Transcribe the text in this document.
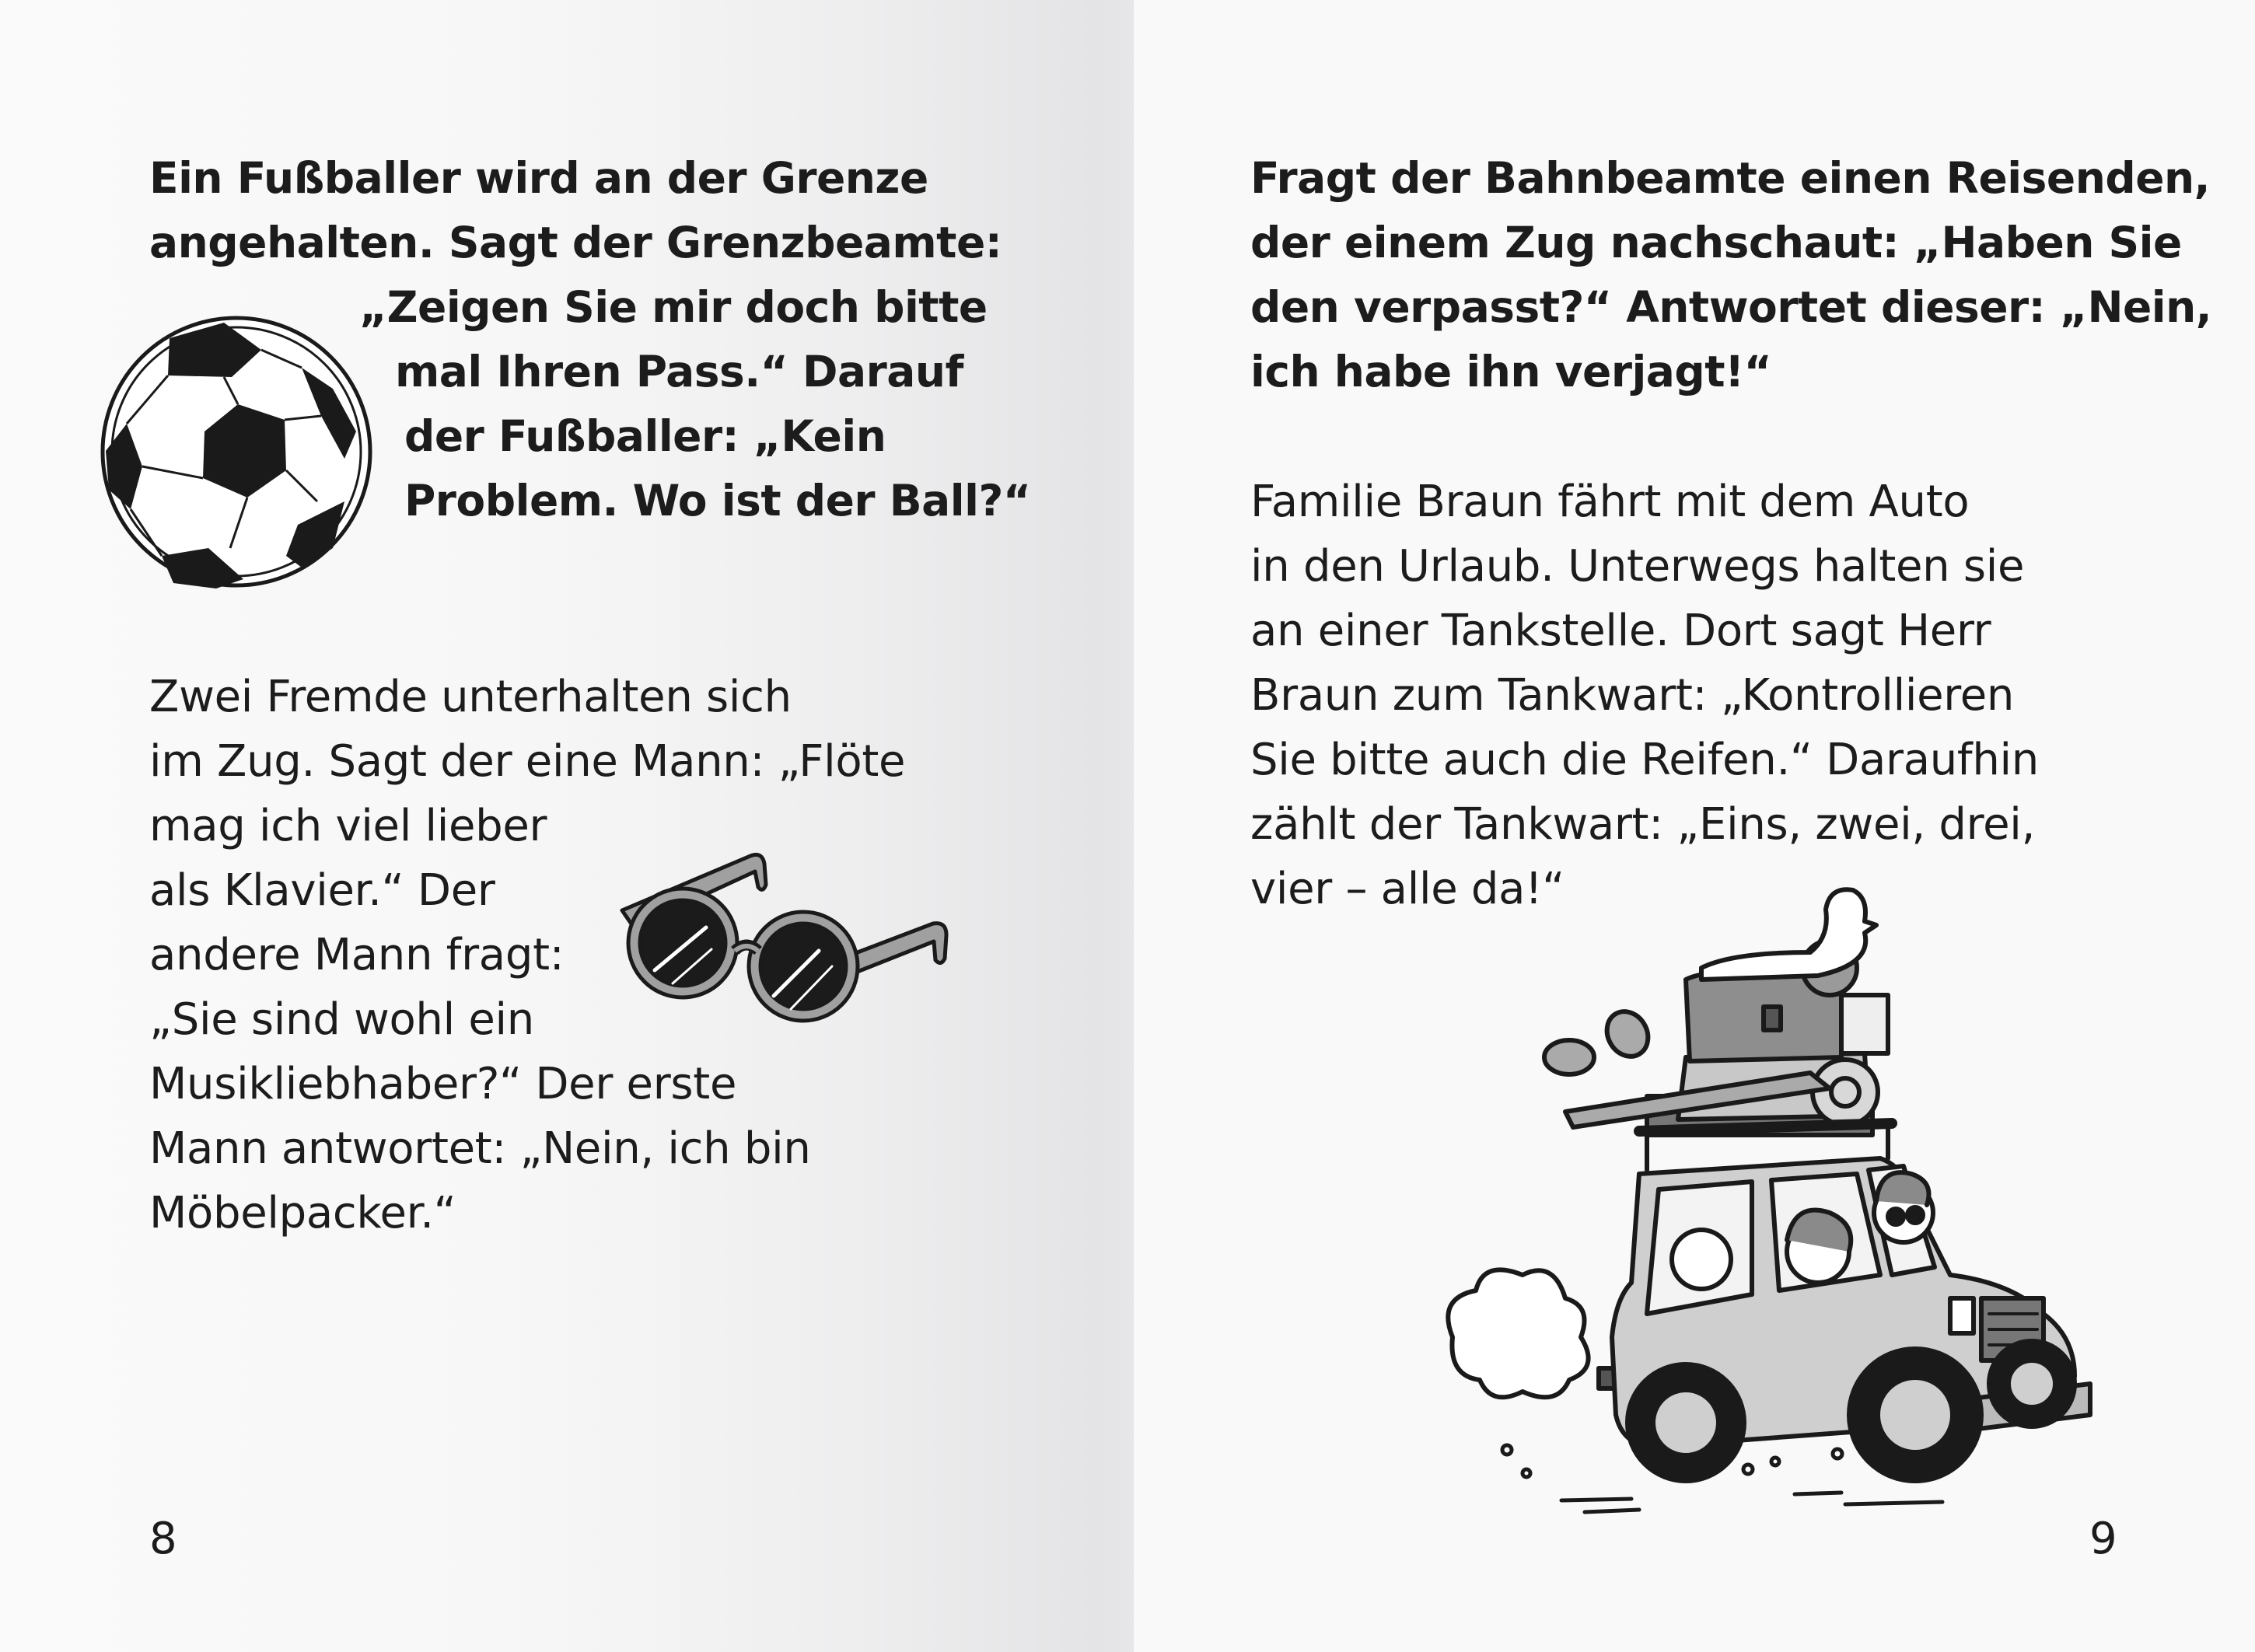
Ein Fußballer wird an der Grenze
angehalten. Sagt der Grenzbeamte:
„Zeigen Sie mir doch bitte
mal Ihren Pass.“ Darauf
der Fußballer: „Kein
Problem. Wo ist der Ball?“
Zwei Fremde unterhalten sich
im Zug. Sagt der eine Mann: „Flöte
mag ich viel lieber
als Klavier.“ Der
andere Mann fragt:
„Sie sind wohl ein
Musikliebhaber?“ Der erste
Mann antwortet: „Nein, ich bin
Möbelpacker.“
8
Fragt der Bahnbeamte einen Reisenden,
der einem Zug nachschaut: „Haben Sie
den verpasst?“ Antwortet dieser: „Nein,
ich habe ihn verjagt!“
Familie Braun fährt mit dem Auto
in den Urlaub. Unterwegs halten sie
an einer Tankstelle. Dort sagt Herr
Braun zum Tankwart: „Kontrollieren
Sie bitte auch die Reifen.“ Daraufhin
zählt der Tankwart: „Eins, zwei, drei,
vier – alle da!“
9
